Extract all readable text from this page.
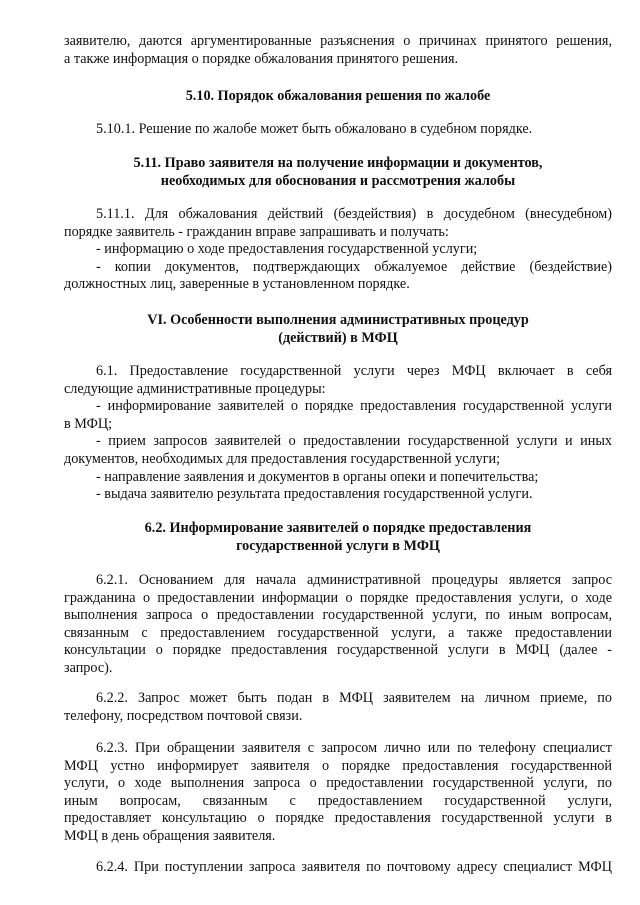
заявителю, даются аргументированные разъяснения о причинах принятого решения,
а также информация о порядке обжалования принятого решения.
5.10. Порядок обжалования решения по жалобе
5.10.1. Решение по жалобе может быть обжаловано в судебном порядке.
5.11. Право заявителя на получение информации и документов,
необходимых для обоснования и рассмотрения жалобы
5.11.1. Для обжалования действий (бездействия) в досудебном (внесудебном)
порядке заявитель - гражданин вправе запрашивать и получать:
- информацию о ходе предоставления государственной услуги;
- копии документов, подтверждающих обжалуемое действие (бездействие)
должностных лиц, заверенные в установленном порядке.
VI. Особенности выполнения административных процедур
(действий) в МФЦ
6.1. Предоставление государственной услуги через МФЦ включает в себя
следующие административные процедуры:
- информирование заявителей о порядке предоставления государственной услуги
в МФЦ;
- прием запросов заявителей о предоставлении государственной услуги и иных
документов, необходимых для предоставления государственной услуги;
- направление заявления и документов в органы опеки и попечительства;
- выдача заявителю результата предоставления государственной услуги.
6.2. Информирование заявителей о порядке предоставления
государственной услуги в МФЦ
6.2.1. Основанием для начала административной процедуры является запрос
гражданина о предоставлении информации о порядке предоставления услуги, о ходе
выполнения запроса о предоставлении государственной услуги, по иным вопросам,
связанным с предоставлением государственной услуги, а также предоставлении
консультации о порядке предоставления государственной услуги в МФЦ (далее -
запрос).
6.2.2. Запрос может быть подан в МФЦ заявителем на личном приеме, по
телефону, посредством почтовой связи.
6.2.3. При обращении заявителя с запросом лично или по телефону специалист
МФЦ устно информирует заявителя о порядке предоставления государственной
услуги, о ходе выполнения запроса о предоставлении государственной услуги, по
иным вопросам, связанным с предоставлением государственной услуги,
предоставляет консультацию о порядке предоставления государственной услуги в
МФЦ в день обращения заявителя.
6.2.4. При поступлении запроса заявителя по почтовому адресу специалист МФЦ
